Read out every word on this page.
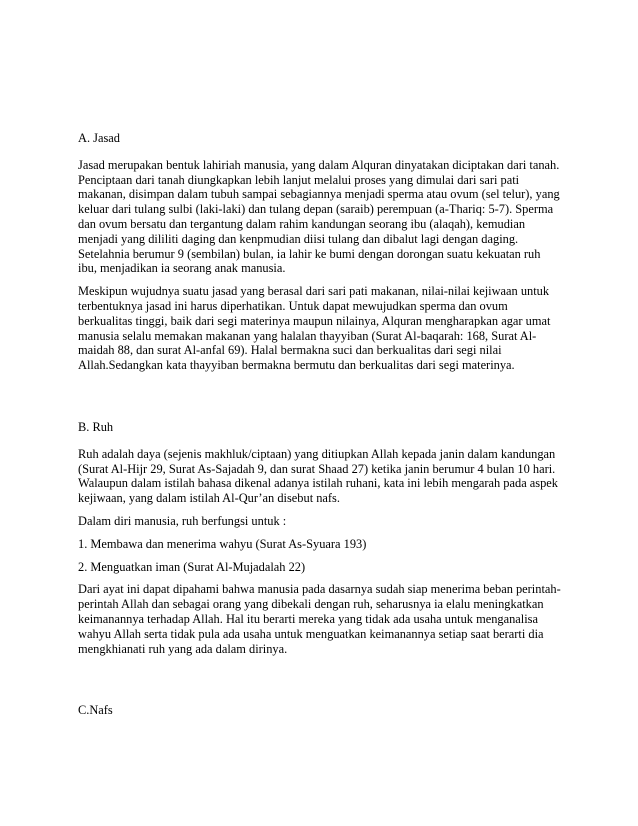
A. Jasad

Jasad merupakan bentuk lahiriah manusia, yang dalam Alquran dinyatakan diciptakan dari tanah.
Penciptaan dari tanah diungkapkan lebih lanjut melalui proses yang dimulai dari sari pati
makanan, disimpan dalam tubuh sampai sebagiannya menjadi sperma atau ovum (sel telur), yang
keluar dari tulang sulbi (laki-laki) dan tulang depan (saraib) perempuan (a-Thariq: 5-7). Sperma
dan ovum bersatu dan tergantung dalam rahim kandungan seorang ibu (alaqah), kemudian
menjadi yang dililiti daging dan kenpmudian diisi tulang dan dibalut lagi dengan daging.
Setelahnia berumur 9 (sembilan) bulan, ia lahir ke bumi dengan dorongan suatu kekuatan ruh
ibu, menjadikan ia seorang anak manusia.

Meskipun wujudnya suatu jasad yang berasal dari sari pati makanan, nilai-nilai kejiwaan untuk
terbentuknya jasad ini harus diperhatikan. Untuk dapat mewujudkan sperma dan ovum
berkualitas tinggi, baik dari segi materinya maupun nilainya, Alquran mengharapkan agar umat
manusia selalu memakan makanan yang halalan thayyiban (Surat Al-baqarah: 168, Surat Al-
maidah 88, dan surat Al-anfal 69). Halal bermakna suci dan berkualitas dari segi nilai
Allah.Sedangkan kata thayyiban bermakna bermutu dan berkualitas dari segi materinya.

B. Ruh

Ruh adalah daya (sejenis makhluk/ciptaan) yang ditiupkan Allah kepada janin dalam kandungan
(Surat Al-Hijr 29, Surat As-Sajadah 9, dan surat Shaad 27) ketika janin berumur 4 bulan 10 hari.
Walaupun dalam istilah bahasa dikenal adanya istilah ruhani, kata ini lebih mengarah pada aspek
kejiwaan, yang dalam istilah Al-Qur’an disebut nafs.

Dalam diri manusia, ruh berfungsi untuk :

1. Membawa dan menerima wahyu (Surat As-Syuara 193)

2. Menguatkan iman (Surat Al-Mujadalah 22)

Dari ayat ini dapat dipahami bahwa manusia pada dasarnya sudah siap menerima beban perintah-
perintah Allah dan sebagai orang yang dibekali dengan ruh, seharusnya ia elalu meningkatkan
keimanannya terhadap Allah. Hal itu berarti mereka yang tidak ada usaha untuk menganalisa
wahyu Allah serta tidak pula ada usaha untuk menguatkan keimanannya setiap saat berarti dia
mengkhianati ruh yang ada dalam dirinya.

C.Nafs
